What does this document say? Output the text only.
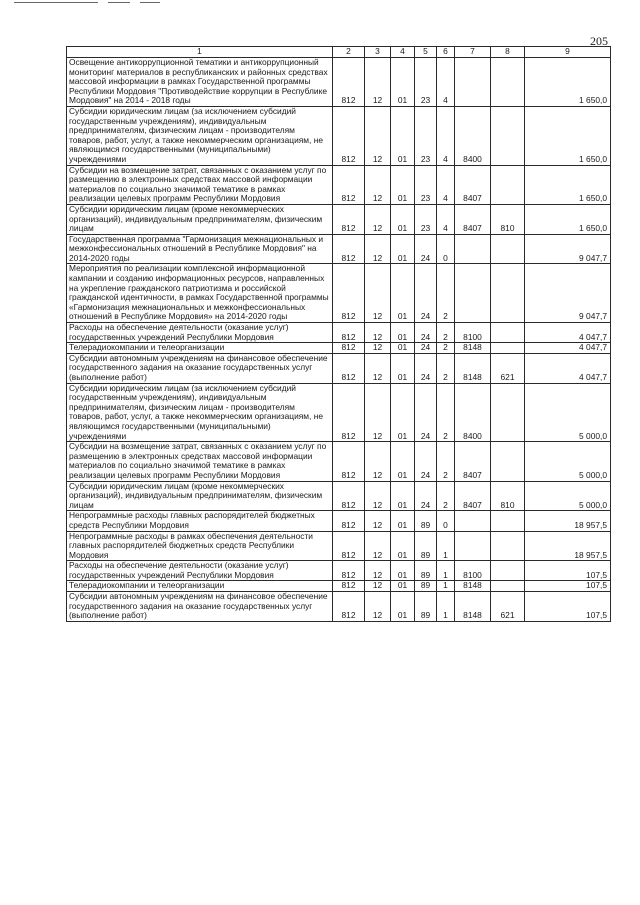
205
1	2	3	4	5	6	7	8	9
Освещение антикоррупционной тематики и антикоррупционный мониторинг материалов в республиканских и районных средствах массовой информации в рамках Государственной программы Республики Мордовия "Противодействие коррупции в Республике Мордовия" на 2014 - 2018 годы	812	12	01	23	4			1 650,0
Субсидии юридическим лицам (за исключением субсидий государственным учреждениям), индивидуальным предпринимателям, физическим лицам - производителям товаров, работ, услуг, а также некоммерческим организациям, не являющимся государственными (муниципальными) учреждениями	812	12	01	23	4	8400		1 650,0
Субсидии на возмещение затрат, связанных с оказанием услуг по размещению в электронных средствах массовой информации материалов по социально значимой тематике в рамках реализации целевых программ Республики Мордовия	812	12	01	23	4	8407		1 650,0
Субсидии юридическим лицам (кроме некоммерческих организаций), индивидуальным предпринимателям, физическим лицам	812	12	01	23	4	8407	810	1 650,0
Государственная программа "Гармонизация межнациональных и межконфессиональных отношений в Республике Мордовия" на 2014-2020 годы	812	12	01	24	0			9 047,7
Мероприятия по реализации комплексной информационной кампании и созданию информационных ресурсов, направленных на укрепление гражданского патриотизма и российской гражданской идентичности, в рамках Государственной программы «Гармонизация межнациональных и межконфессиональных отношений в Республике Мордовия» на 2014-2020 годы	812	12	01	24	2			9 047,7
Расходы на обеспечение деятельности (оказание услуг) государственных учреждений Республики Мордовия	812	12	01	24	2	8100		4 047,7
Телерадиокомпании и телеорганизации	812	12	01	24	2	8148		4 047,7
Субсидии автономным учреждениям на финансовое обеспечение государственного задания на оказание государственных услуг (выполнение работ)	812	12	01	24	2	8148	621	4 047,7
Субсидии юридическим лицам (за исключением субсидий государственным учреждениям), индивидуальным предпринимателям, физическим лицам - производителям товаров, работ, услуг, а также некоммерческим организациям, не являющимся государственными (муниципальными) учреждениями	812	12	01	24	2	8400		5 000,0
Субсидии на возмещение затрат, связанных с оказанием услуг по размещению в электронных средствах массовой информации материалов по социально значимой тематике в рамках реализации целевых программ Республики Мордовия	812	12	01	24	2	8407		5 000,0
Субсидии юридическим лицам (кроме некоммерческих организаций), индивидуальным предпринимателям, физическим лицам	812	12	01	24	2	8407	810	5 000,0
Непрограммные расходы главных распорядителей бюджетных средств Республики Мордовия	812	12	01	89	0			18 957,5
Непрограммные расходы в рамках обеспечения деятельности главных распорядителей бюджетных средств Республики Мордовия	812	12	01	89	1			18 957,5
Расходы на обеспечение деятельности (оказание услуг) государственных учреждений Республики Мордовия	812	12	01	89	1	8100		107,5
Телерадиокомпании и телеорганизации	812	12	01	89	1	8148		107,5
Субсидии автономным учреждениям на финансовое обеспечение государственного задания на оказание государственных услуг (выполнение работ)	812	12	01	89	1	8148	621	107,5
